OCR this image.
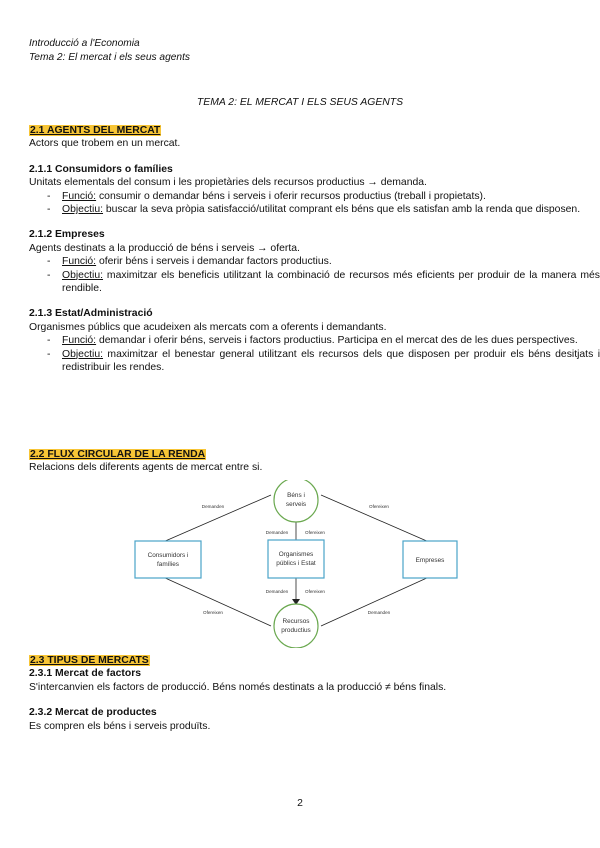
Introducció a l'Economia
Tema 2: El mercat i els seus agents
TEMA 2: EL MERCAT I ELS SEUS AGENTS
2.1 AGENTS DEL MERCAT
Actors que trobem en un mercat.
2.1.1 Consumidors o famílies
Unitats elementals del consum i les propietàries dels recursos productius → demanda.
- Funció: consumir o demandar béns i serveis i oferir recursos productius (treball i propietats).
- Objectiu: buscar la seva pròpia satisfacció/utilitat comprant els béns que els satisfan amb la renda que disposen.
2.1.2 Empreses
Agents destinats a la producció de béns i serveis → oferta.
- Funció: oferir béns i serveis i demandar factors productius.
- Objectiu: maximitzar els beneficis utilitzant la combinació de recursos més eficients per produir de la manera més rendible.
2.1.3 Estat/Administració
Organismes públics que acudeixen als mercats com a oferents i demandants.
- Funció: demandar i oferir béns, serveis i factors productius. Participa en el mercat des de les dues perspectives.
- Objectiu: maximitzar el benestar general utilitzant els recursos dels que disposen per produir els béns desitjats i redistribuir les rendes.
2.2 FLUX CIRCULAR DE LA RENDA
Relacions dels diferents agents de mercat entre si.
Béns i
serveis
Recursos
productius
Consumidors i
famílies
Organismes
públics i Estat	Empreses
Demanden	Ofereixen
Demanden	Ofereixen
Demanden	Ofereixen
Ofereixen	Demanden
2.3 TIPUS DE MERCATS
2.3.1 Mercat de factors
S'intercanvien els factors de producció. Béns només destinats a la producció ≠ béns finals.
2.3.2 Mercat de productes
Es compren els béns i serveis produïts.
2
